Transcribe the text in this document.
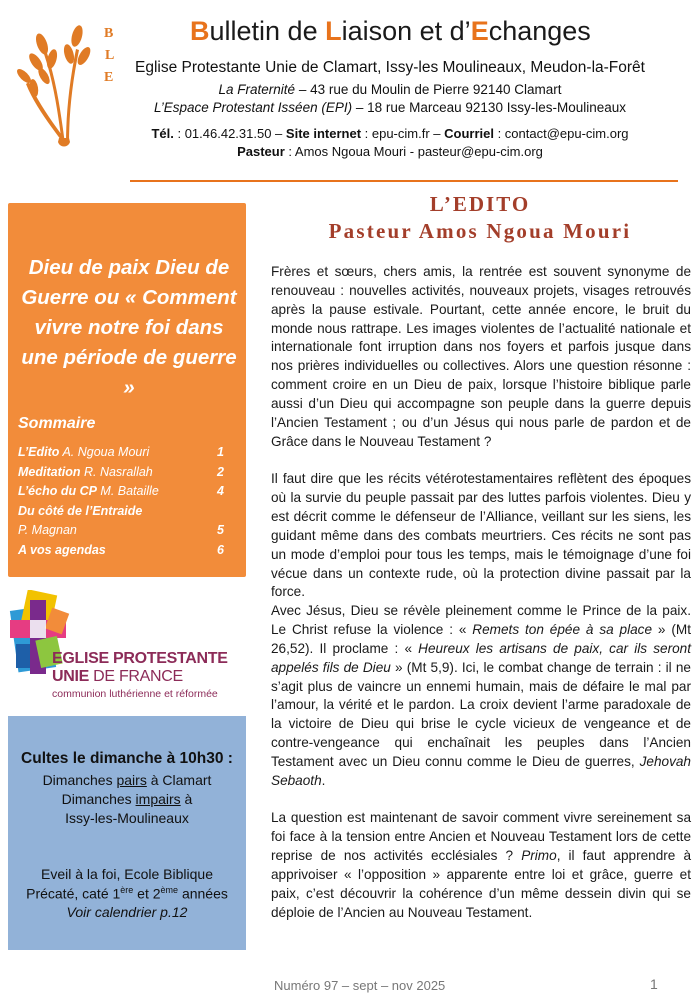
B
L
E
Bulletin de Liaison et d’Echanges
Eglise Protestante Unie de Clamart, Issy-les Moulineaux, Meudon-la-Forêt
La Fraternité – 43 rue du Moulin de Pierre 92140 Clamart
L’Espace Protestant Isséen (EPI) – 18 rue Marceau 92130 Issy-les-Moulineaux
Tél. : 01.46.42.31.50 – Site internet : epu-cim.fr – Courriel : contact@epu-cim.org
Pasteur : Amos Ngoua Mouri - pasteur@epu-cim.org
Dieu de paix Dieu de Guerre ou « Comment vivre notre foi dans une période de guerre »
Sommaire
L’Edito A. Ngoua Mouri	1
Meditation R. Nasrallah	2
L’écho du CP M. Bataille	4
Du côté de l’Entraide
P. Magnan	5
A vos agendas	6
EGLISE PROTESTANTE
UNIE DE FRANCE
communion luthérienne et réformée
Cultes le dimanche à 10h30 :
Dimanches pairs à Clamart
Dimanches impairs à
Issy-les-Moulineaux
Eveil à la foi, Ecole Biblique
Précaté, caté 1ère et 2ème années
Voir calendrier p.12
L’EDITO
Pasteur Amos Ngoua Mouri

Frères et sœurs, chers amis, la rentrée est souvent synonyme de renouveau : nouvelles activités, nouveaux projets, visages retrouvés après la pause estivale. Pourtant, cette année encore, le bruit du monde nous rattrape. Les images violentes de l’actualité nationale et internationale font irruption dans nos foyers et parfois jusque dans nos prières individuelles ou collectives. Alors une question résonne : comment croire en un Dieu de paix, lorsque l’histoire biblique parle aussi d’un Dieu qui accompagne son peuple dans la guerre depuis l’Ancien Testament ; ou d’un Jésus qui nous parle de pardon et de Grâce dans le Nouveau Testament ?

Il faut dire que les récits vétérotestamentaires reflètent des époques où la survie du peuple passait par des luttes parfois violentes. Dieu y est décrit comme le défenseur de l’Alliance, veillant sur les siens, les guidant même dans des combats meurtriers. Ces récits ne sont pas un mode d’emploi pour tous les temps, mais le témoignage d’une foi vécue dans un contexte rude, où la protection divine passait par la force.

Avec Jésus, Dieu se révèle pleinement comme le Prince de la paix. Le Christ refuse la violence : « Remets ton épée à sa place » (Mt 26,52). Il proclame : « Heureux les artisans de paix, car ils seront appelés fils de Dieu » (Mt 5,9). Ici, le combat change de terrain : il ne s’agit plus de vaincre un ennemi humain, mais de défaire le mal par l’amour, la vérité et le pardon. La croix devient l’arme paradoxale de la victoire de Dieu qui brise le cycle vicieux de vengeance et de contre-vengeance qui enchaînait les peuples dans l’Ancien Testament avec un Dieu connu comme le Dieu de guerres, Jehovah Sebaoth.

La question est maintenant de savoir comment vivre sereinement sa foi face à la tension entre Ancien et Nouveau Testament lors de cette reprise de nos activités ecclésiales ? Primo, il faut apprendre à apprivoiser « l’opposition » apparente entre loi et grâce, guerre et paix, c’est découvrir la cohérence d’un même dessein divin qui se déploie de l’Ancien au Nouveau Testament.

Numéro 97 – sept – nov 2025	1
